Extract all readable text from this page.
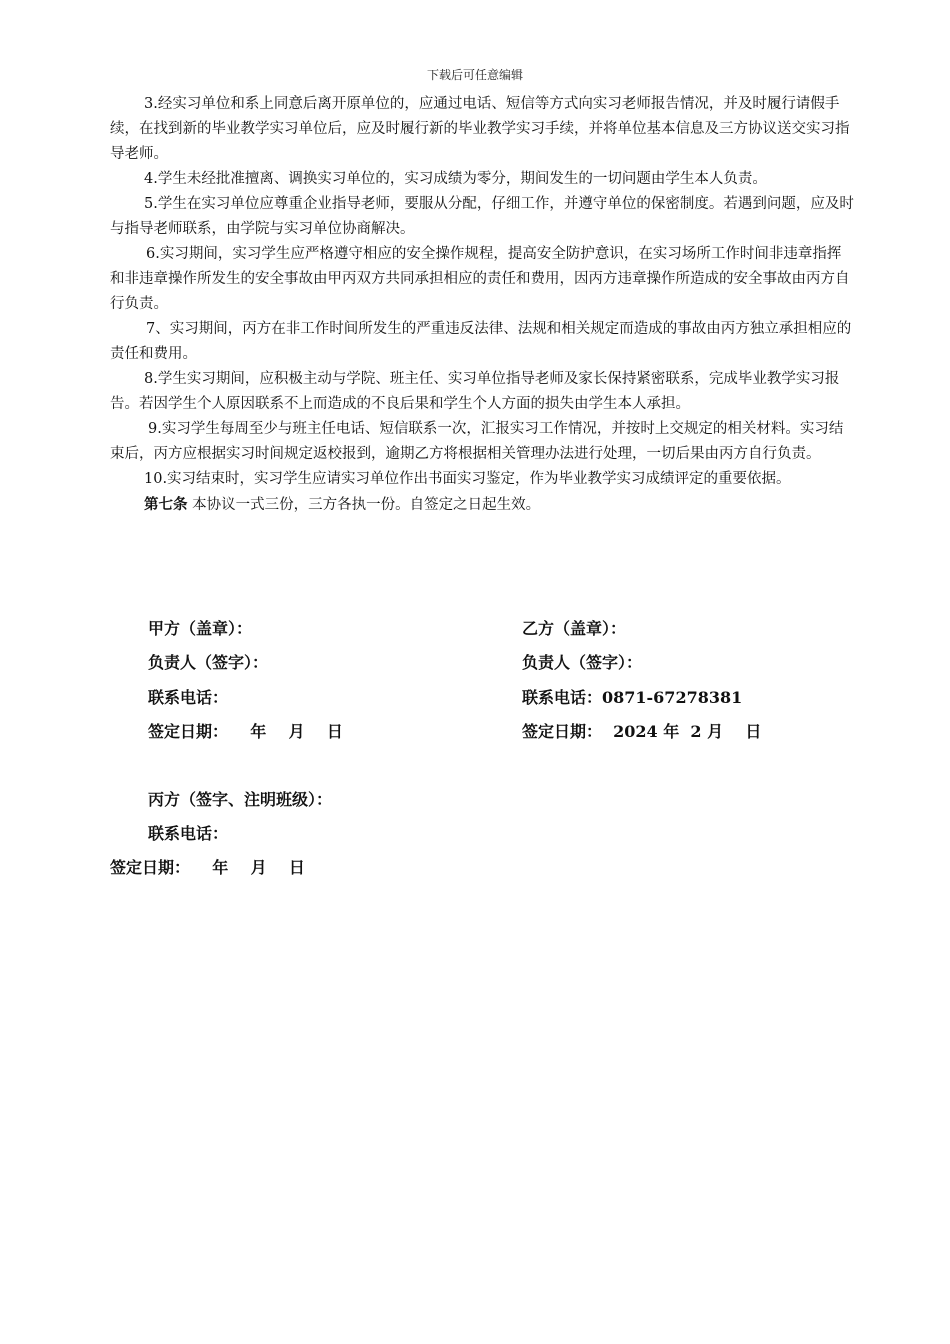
下载后可任意编辑

3.经实习单位和系上同意后离开原单位的，应通过电话、短信等方式向实习老师报告情况，并及时履行请假手续，在找到新的毕业教学实习单位后，应及时履行新的毕业教学实习手续，并将单位基本信息及三方协议送交实习指导老师。

4.学生未经批准擅离、调换实习单位的，实习成绩为零分，期间发生的一切问题由学生本人负责。

5.学生在实习单位应尊重企业指导老师，要服从分配，仔细工作，并遵守单位的保密制度。若遇到问题，应及时与指导老师联系，由学院与实习单位协商解决。

6.实习期间，实习学生应严格遵守相应的安全操作规程，提高安全防护意识，在实习场所工作时间非违章指挥和非违章操作所发生的安全事故由甲丙双方共同承担相应的责任和费用，因丙方违章操作所造成的安全事故由丙方自行负责。

7、实习期间，丙方在非工作时间所发生的严重违反法律、法规和相关规定而造成的事故由丙方独立承担相应的责任和费用。

8.学生实习期间，应积极主动与学院、班主任、实习单位指导老师及家长保持紧密联系，完成毕业教学实习报告。若因学生个人原因联系不上而造成的不良后果和学生个人方面的损失由学生本人承担。

9.实习学生每周至少与班主任电话、短信联系一次，汇报实习工作情况，并按时上交规定的相关材料。实习结束后，丙方应根据实习时间规定返校报到，逾期乙方将根据相关管理办法进行处理，一切后果由丙方自行负责。

10.实习结束时，实习学生应请实习单位作出书面实习鉴定，作为毕业教学实习成绩评定的重要依据。

第七条 本协议一式三份，三方各执一份。自签定之日起生效。

甲方（盖章）：
负责人（签字）：
联系电话：
签定日期：    年    月    日
乙方（盖章）：
负责人（签字）：
联系电话：0871-67278381
签定日期：  2024 年  2 月    日
丙方（签字、注明班级）：
联系电话：
签定日期：    年    月    日
